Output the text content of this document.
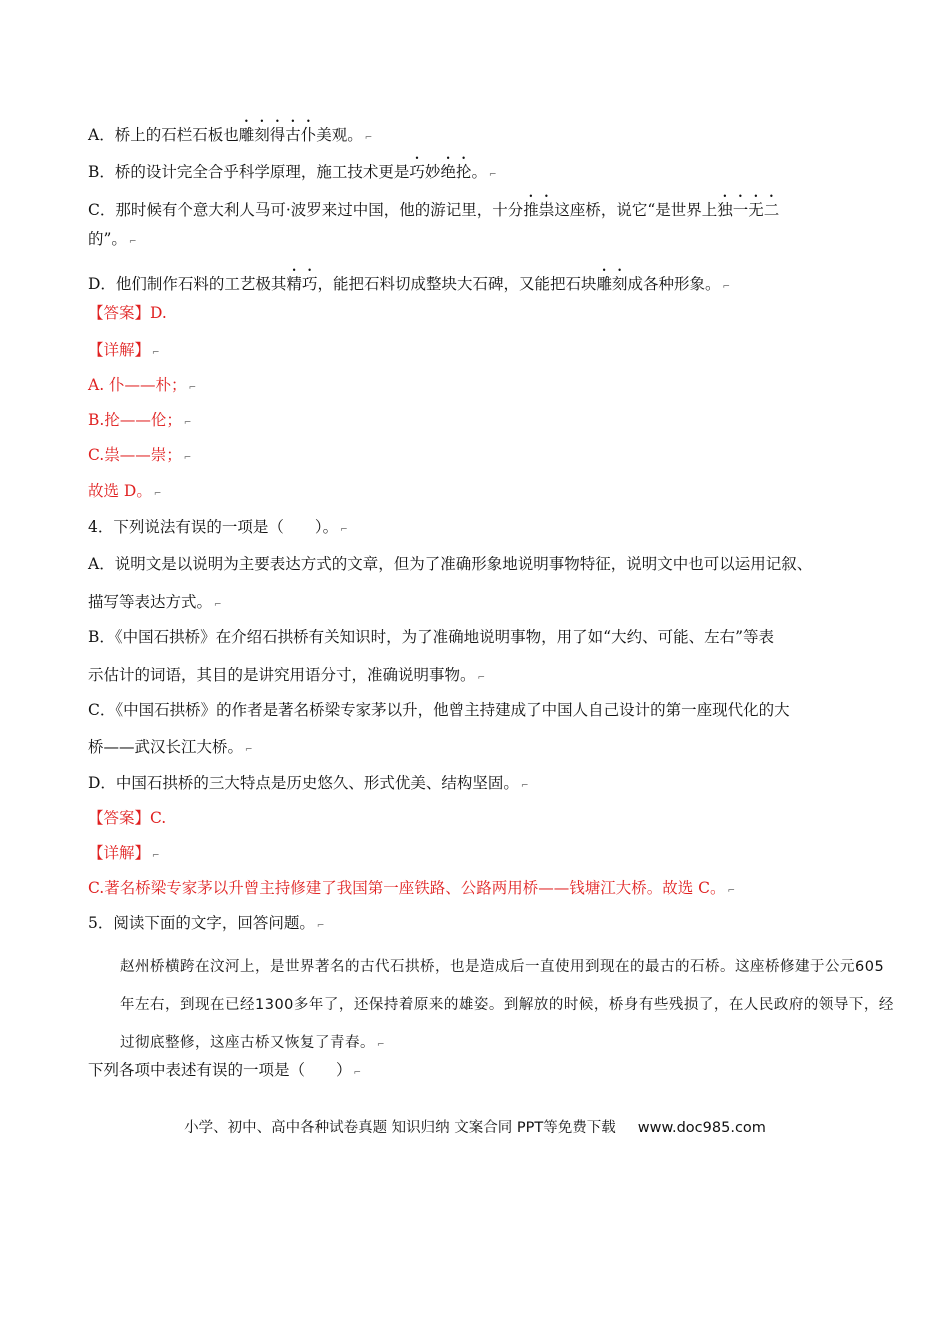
A．桥上的石栏石板也雕刻得古仆美观。 ⌐
B．桥的设计完全合乎科学原理，施工技术更是巧妙绝抡。 ⌐
C．那时候有个意大利人马可·波罗来过中国，他的游记里，十分推祟这座桥，说它“是世界上独一无二
的”。 ⌐
D．他们制作石料的工艺极其精巧，能把石料切成整块大石碑，又能把石块雕刻成各种形象。 ⌐
【答案】D.
【详解】 ⌐
A. 仆——朴； ⌐
B.抡——伦； ⌐
C.祟——崇； ⌐
故选 D。 ⌐
4．下列说法有误的一项是（　　）。 ⌐
A．说明文是以说明为主要表达方式的文章，但为了准确形象地说明事物特征，说明文中也可以运用记叙、
描写等表达方式。 ⌐
B．《中国石拱桥》在介绍石拱桥有关知识时，为了准确地说明事物，用了如“大约、可能、左右”等表
示估计的词语，其目的是讲究用语分寸，准确说明事物。 ⌐
C．《中国石拱桥》的作者是著名桥梁专家茅以升，他曾主持建成了中国人自己设计的第一座现代化的大
桥——武汉长江大桥。 ⌐
D．中国石拱桥的三大特点是历史悠久、形式优美、结构坚固。 ⌐
【答案】C.
【详解】 ⌐
C.著名桥梁专家茅以升曾主持修建了我国第一座铁路、公路两用桥——钱塘江大桥。故选 C。 ⌐
5．阅读下面的文字，回答问题。 ⌐
赵州桥横跨在汶河上，是世界著名的古代石拱桥，也是造成后一直使用到现在的最古的石桥。这座桥修建于公元605年左右，到现在已经1300多年了，还保持着原来的雄姿。到解放的时候，桥身有些残损了，在人民政府的领导下，经过彻底整修，这座古桥又恢复了青春。 ⌐
下列各项中表述有误的一项是（　　） ⌐
小学、初中、高中各种试卷真题 知识归纳 文案合同 PPT等免费下载 www.doc985.com
